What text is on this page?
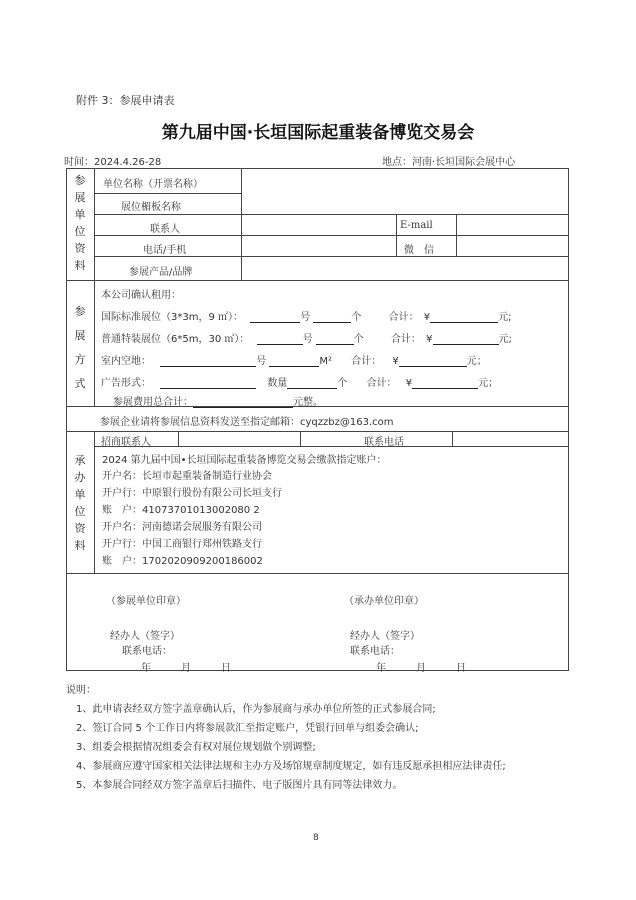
附件 3：参展申请表
第九届中国·长垣国际起重装备博览交易会
时间：2024.4.26-28	地点：河南·长垣国际会展中心
参
展
单
位
资
料
单位名称（开票名称）
展位楣板名称
联系人	E-mail
电话/手机	微　信
参展产品/品牌
参
展
方
式
本公司确认租用：
国际标准展位（3*3m，9 ㎡）：	号	个	合计： ¥	元;
普通特装展位（6*5m，30 ㎡）：	号	个	合计： ¥	元;
室内空地：	号	M² 合计： ¥	元；
广告形式：	数量	个 合计： ¥	元；
参展费用总合计：	元整。
参展企业请将参展信息资料发送至指定邮箱：cyqzzbz@163.com
承
办
单
位
资
料
招商联系人	联系电话
2024 第九届中国•长垣国际起重装备博览交易会缴款指定账户：
开户名：长垣市起重装备制造行业协会
开户行：中原银行股份有限公司长垣支行
账　户：41073701013002080 2
开户名：河南德诺会展服务有限公司
开户行：中国工商银行郑州铁路支行
账　户：1702020909200186002
（参展单位印章）	（承办单位印章）
经办人（签字）	经办人（签字）
联系电话：	联系电话：
年　　　月　　　日	年　　　月　　　日
说明：
1、此申请表经双方签字盖章确认后，作为参展商与承办单位所签的正式参展合同;
2、签订合同 5 个工作日内将参展款汇至指定账户，凭银行回单与组委会确认;
3、组委会根据情况组委会有权对展位规划做个别调整;
4、参展商应遵守国家相关法律法规和主办方及场馆规章制度规定，如有违反愿承担相应法律责任;
5、本参展合同经双方签字盖章后扫描件、电子版图片具有同等法律效力。
8
